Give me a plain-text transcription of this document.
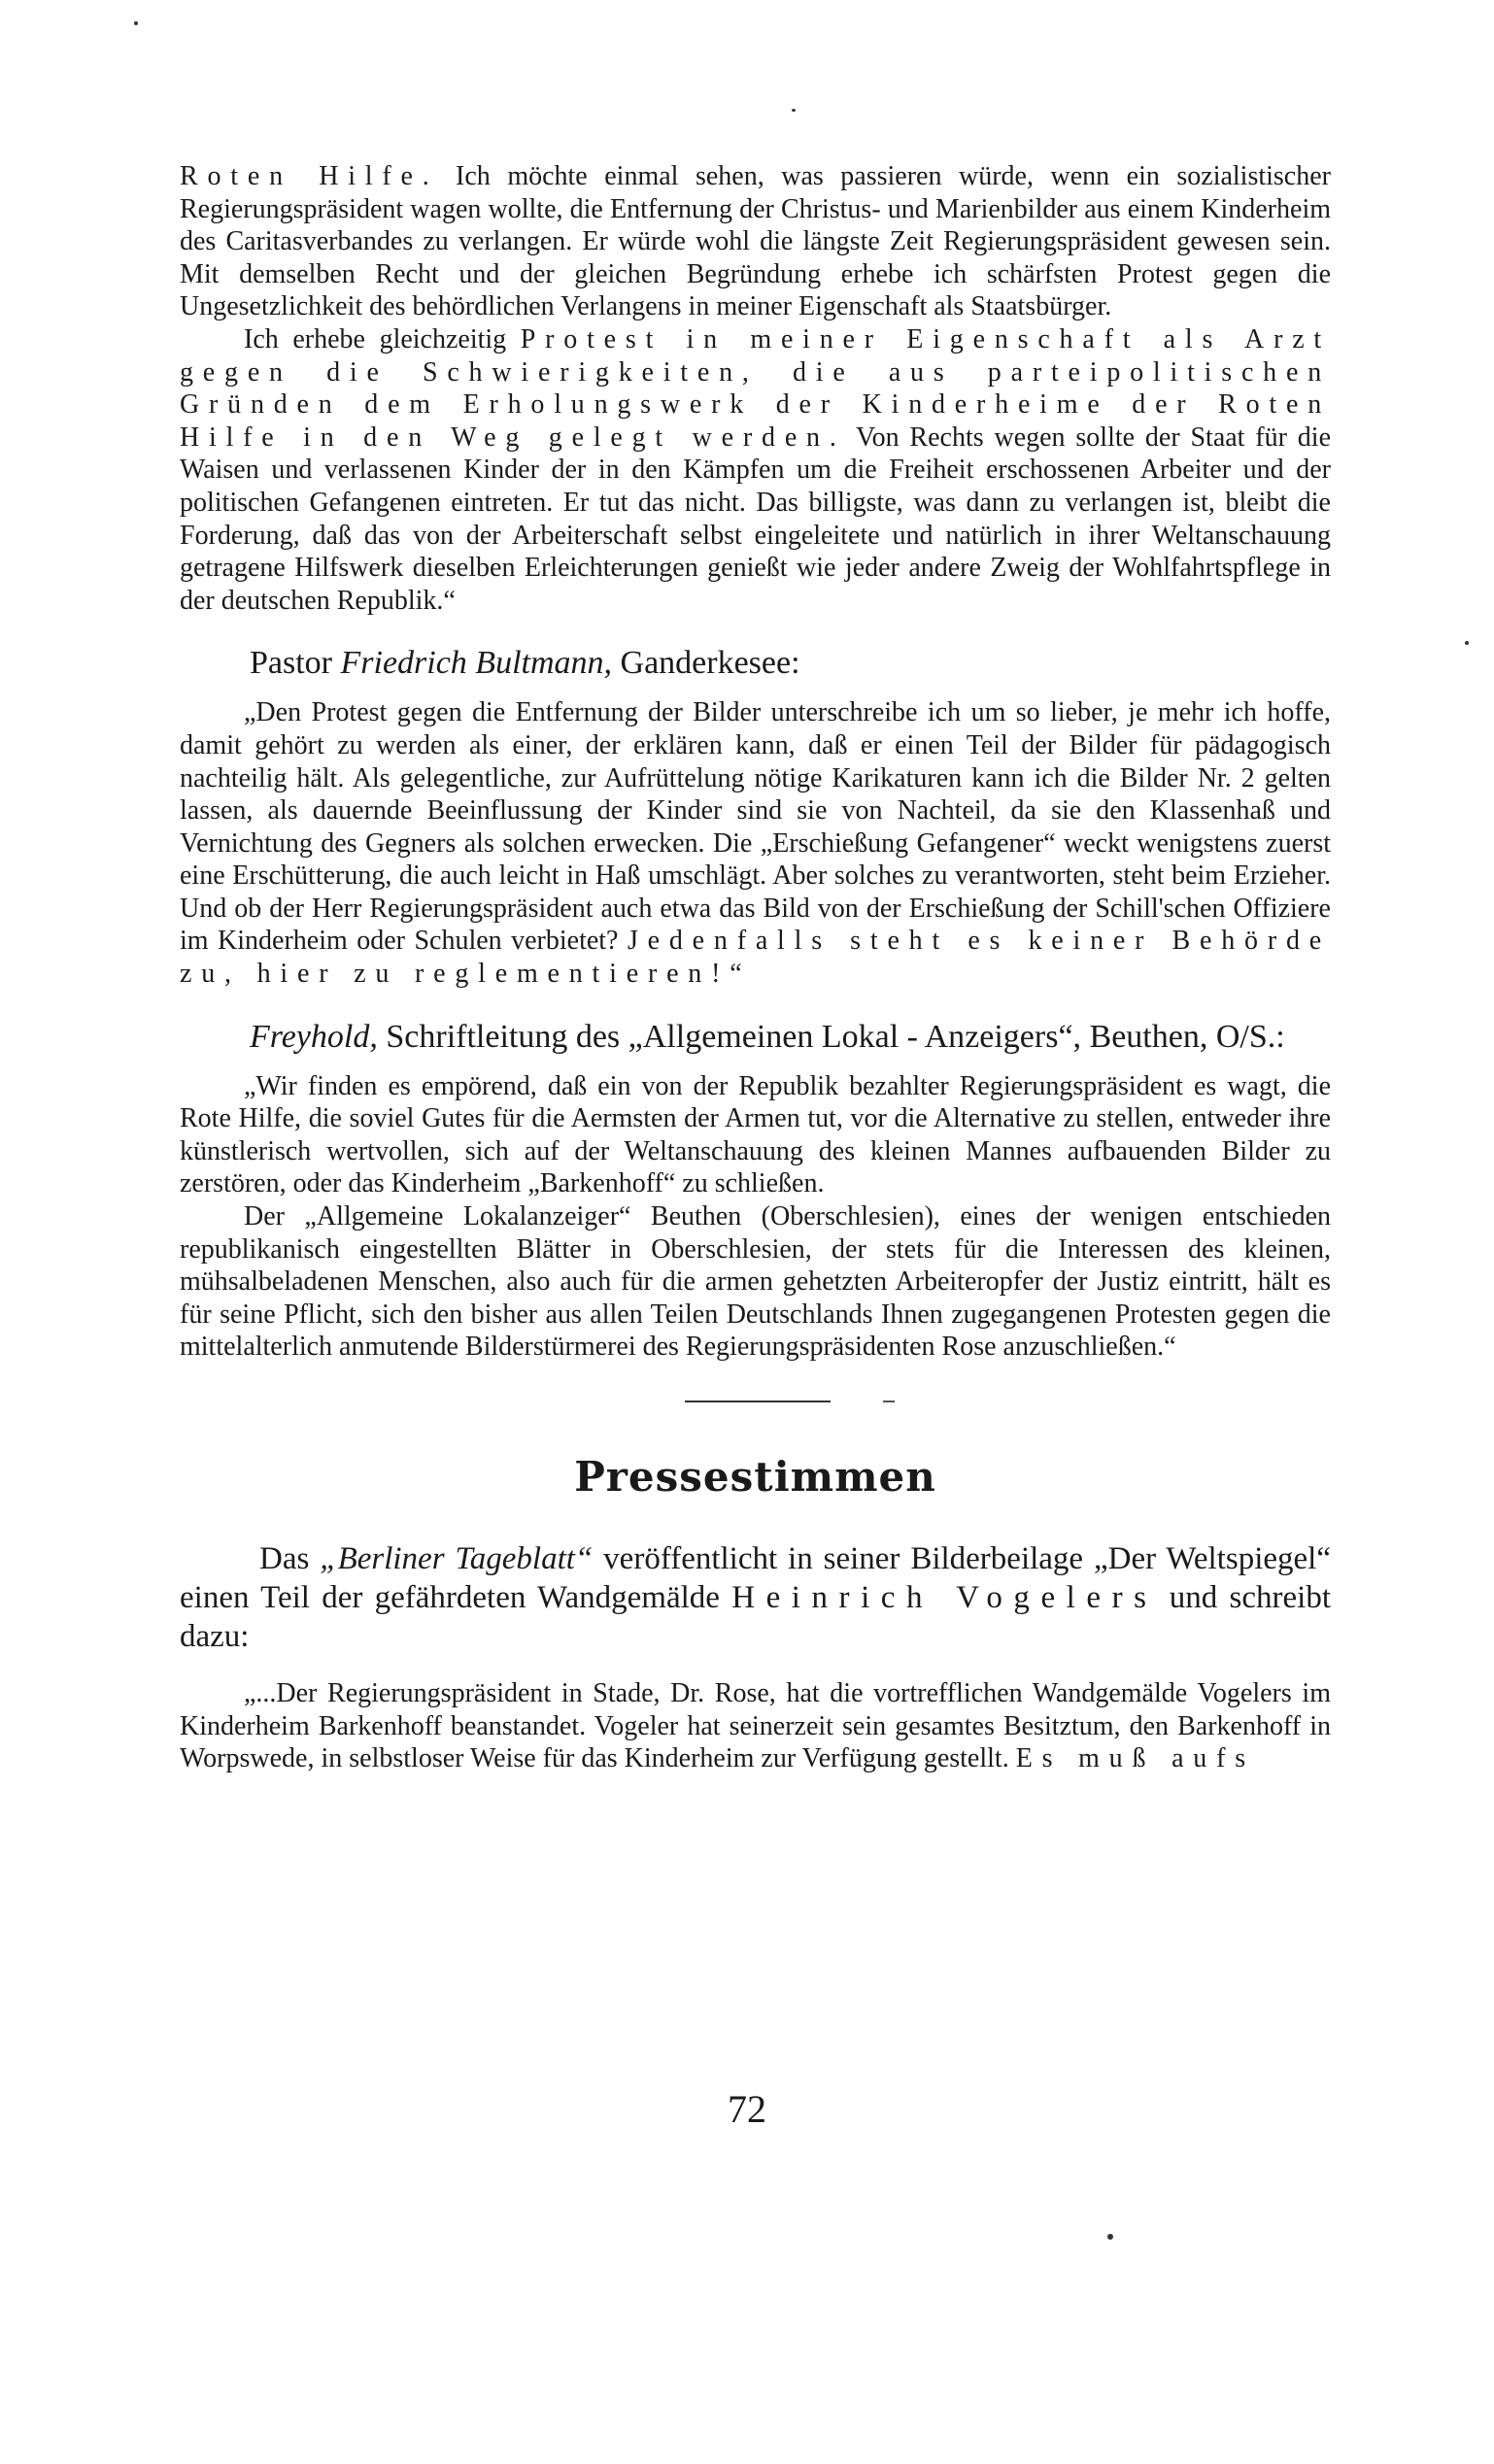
Roten Hilfe. Ich möchte einmal sehen, was passieren würde, wenn ein sozialistischer Regierungspräsident wagen wollte, die Entfernung der Christus- und Marienbilder aus einem Kinderheim des Caritasverbandes zu verlangen. Er würde wohl die längste Zeit Regierungspräsident gewesen sein. Mit demselben Recht und der gleichen Begründung erhebe ich schärfsten Protest gegen die Ungesetzlichkeit des behördlichen Verlangens in meiner Eigenschaft als Staatsbürger.

Ich erhebe gleichzeitig Protest in meiner Eigenschaft als Arzt gegen die Schwierigkeiten, die aus parteipolitischen Gründen dem Erholungswerk der Kinderheime der Roten Hilfe in den Weg gelegt werden. Von Rechts wegen sollte der Staat für die Waisen und verlassenen Kinder der in den Kämpfen um die Freiheit erschossenen Arbeiter und der politischen Gefangenen eintreten. Er tut das nicht. Das billigste, was dann zu verlangen ist, bleibt die Forderung, daß das von der Arbeiterschaft selbst eingeleitete und natürlich in ihrer Weltanschauung getragene Hilfswerk dieselben Erleichterungen genießt wie jeder andere Zweig der Wohlfahrtspflege in der deutschen Republik.“

Pastor Friedrich Bultmann, Ganderkesee:

„Den Protest gegen die Entfernung der Bilder unterschreibe ich um so lieber, je mehr ich hoffe, damit gehört zu werden als einer, der erklären kann, daß er einen Teil der Bilder für pädagogisch nachteilig hält. Als gelegentliche, zur Aufrüttelung nötige Karikaturen kann ich die Bilder Nr. 2 gelten lassen, als dauernde Beeinflussung der Kinder sind sie von Nachteil, da sie den Klassenhaß und Vernichtung des Gegners als solchen erwecken. Die „Erschießung Gefangener“ weckt wenigstens zuerst eine Erschütterung, die auch leicht in Haß umschlägt. Aber solches zu verantworten, steht beim Erzieher. Und ob der Herr Regierungspräsident auch etwa das Bild von der Erschießung der Schill'schen Offiziere im Kinderheim oder Schulen verbietet? Jedenfalls steht es keiner Behörde zu, hier zu reglementieren!“

Freyhold, Schriftleitung des „Allgemeinen Lokal - Anzeigers“, Beuthen, O/S.:

„Wir finden es empörend, daß ein von der Republik bezahlter Regierungspräsident es wagt, die Rote Hilfe, die soviel Gutes für die Aermsten der Armen tut, vor die Alternative zu stellen, entweder ihre künstlerisch wertvollen, sich auf der Weltanschauung des kleinen Mannes aufbauenden Bilder zu zerstören, oder das Kinderheim „Barkenhoff“ zu schließen.

Der „Allgemeine Lokalanzeiger“ Beuthen (Oberschlesien), eines der wenigen entschieden republikanisch eingestellten Blätter in Oberschlesien, der stets für die Interessen des kleinen, mühsalbeladenen Menschen, also auch für die armen gehetzten Arbeiteropfer der Justiz eintritt, hält es für seine Pflicht, sich den bisher aus allen Teilen Deutschlands Ihnen zugegangenen Protesten gegen die mittelalterlich anmutende Bilderstürmerei des Regierungspräsidenten Rose anzuschließen.“

Pressestimmen

Das „Berliner Tageblatt“ veröffentlicht in seiner Bilderbeilage „Der Weltspiegel“ einen Teil der gefährdeten Wandgemälde Heinrich Vogelers und schreibt dazu:

„...Der Regierungspräsident in Stade, Dr. Rose, hat die vortrefflichen Wandgemälde Vogelers im Kinderheim Barkenhoff beanstandet. Vogeler hat seinerzeit sein gesamtes Besitztum, den Barkenhoff in Worpswede, in selbstloser Weise für das Kinderheim zur Verfügung gestellt. Es muß aufs

72
